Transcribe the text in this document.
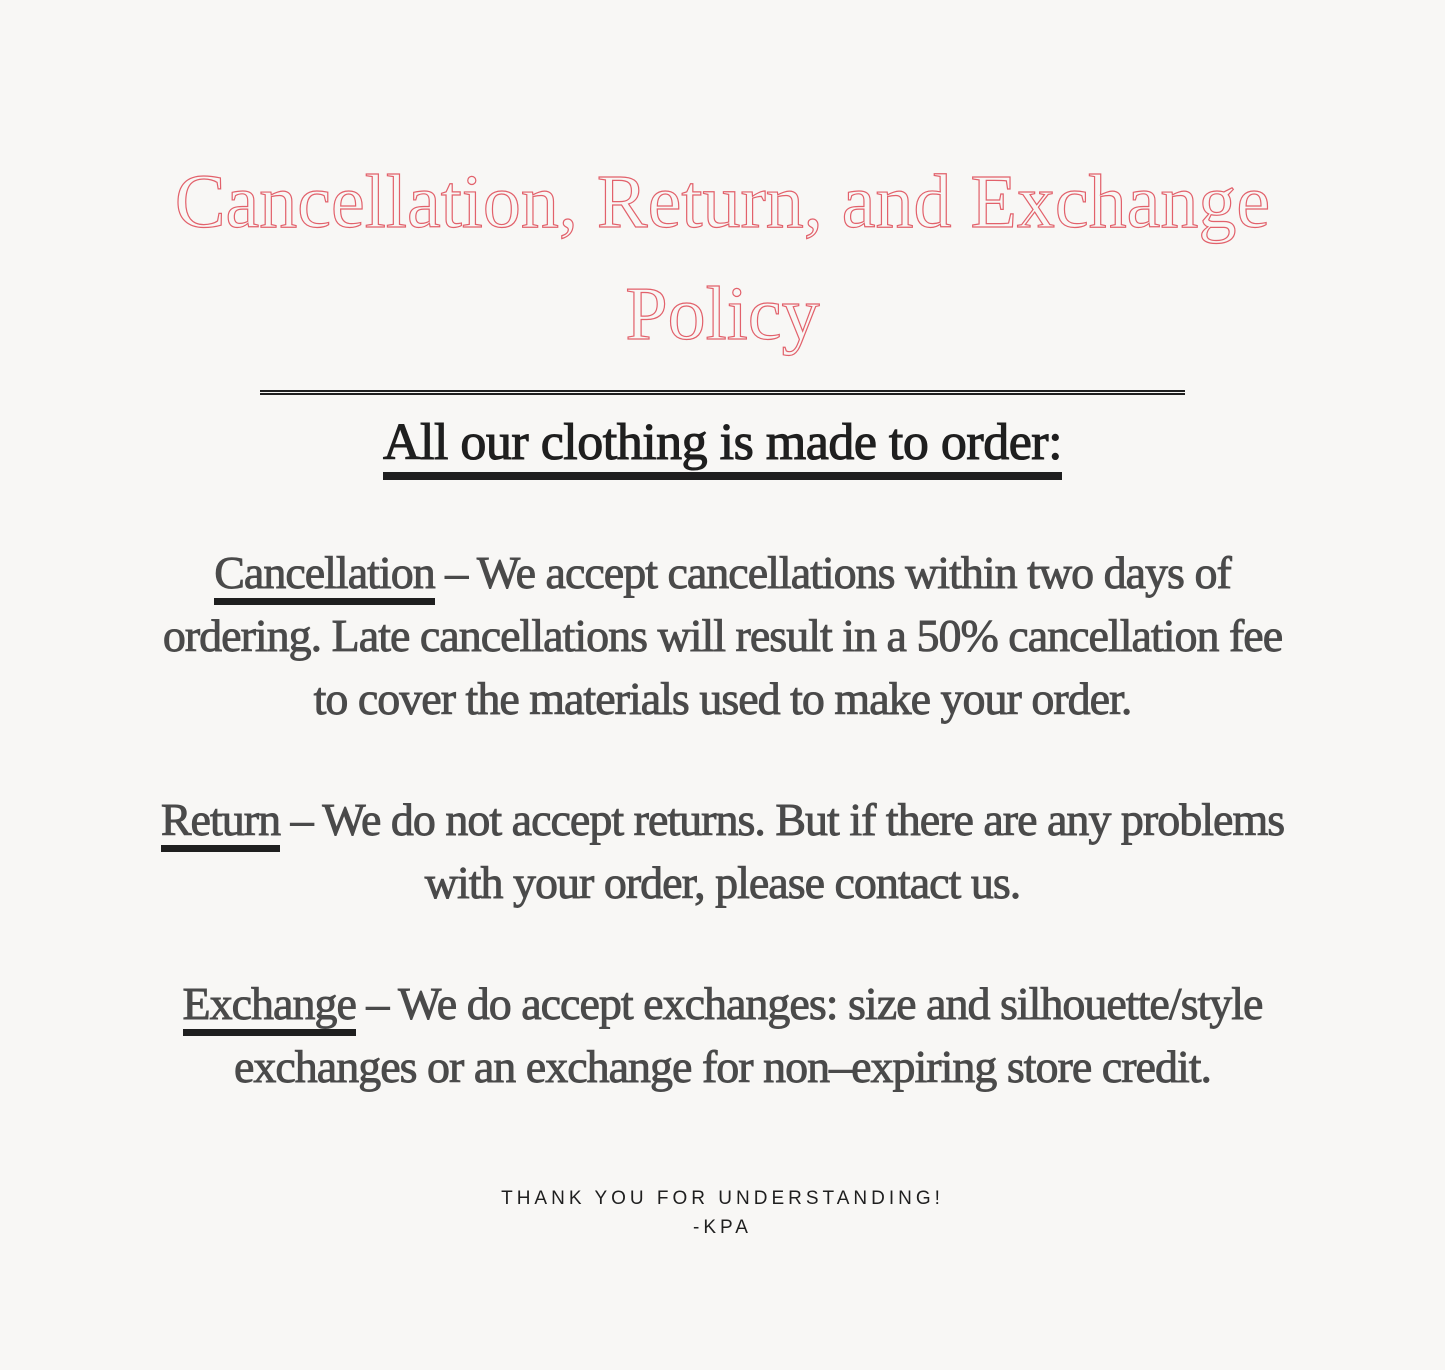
Cancellation, Return, and Exchange
Policy
All our clothing is made to order:
Cancellation – We accept cancellations within two days of
ordering. Late cancellations will result in a 50% cancellation fee
to cover the materials used to make your order.
Return – We do not accept returns. But if there are any problems
with your order, please contact us.
Exchange – We do accept exchanges: size and silhouette/style
exchanges or an exchange for non–expiring store credit.
THANK YOU FOR UNDERSTANDING!
-KPA
